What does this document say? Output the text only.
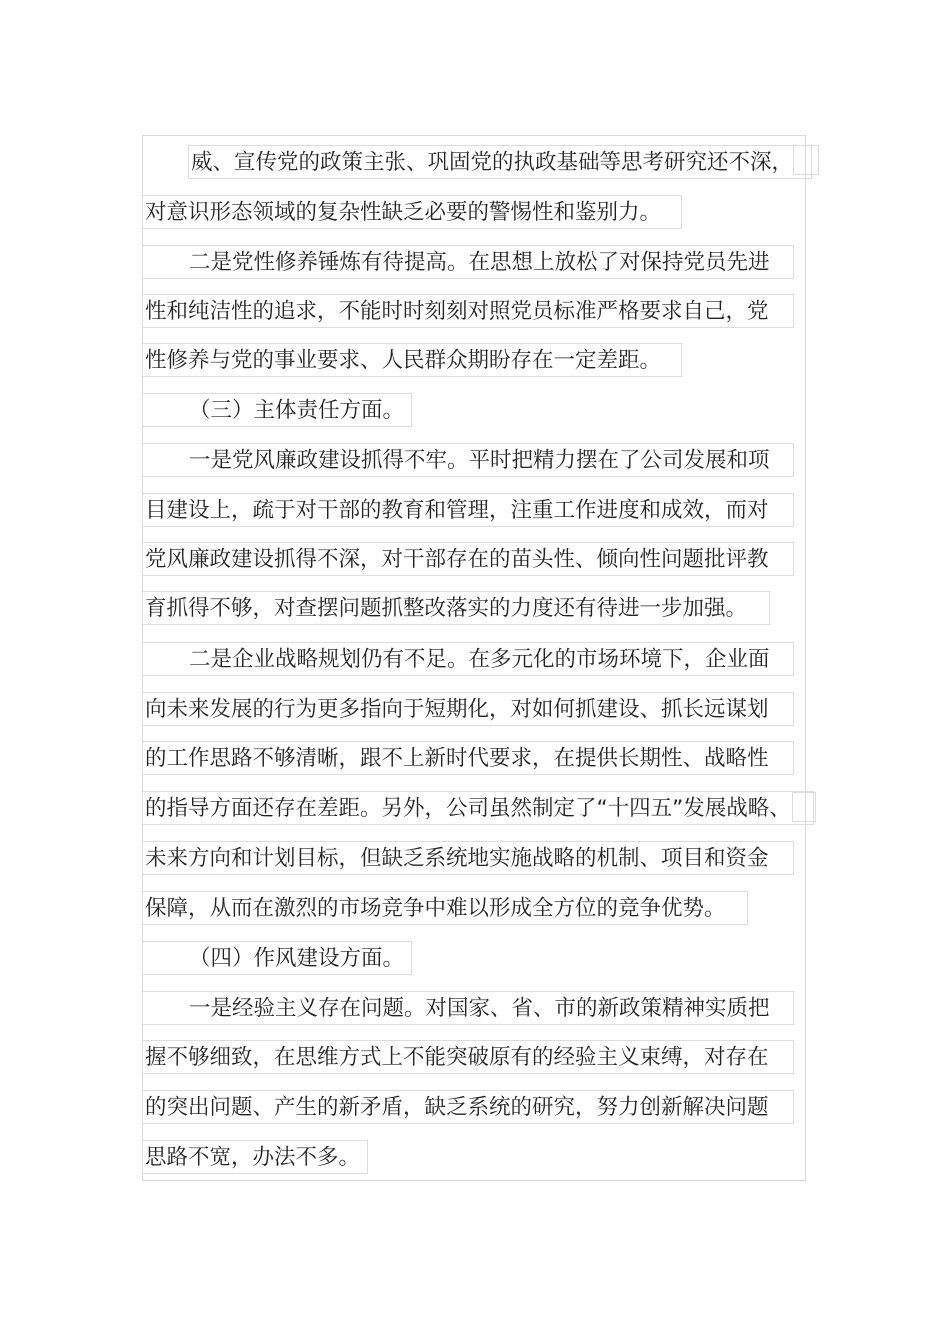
威、宣传党的政策主张、巩固党的执政基础等思考研究还不深，
对意识形态领域的复杂性缺乏必要的警惕性和鉴别力。
二是党性修养锤炼有待提高。在思想上放松了对保持党员先进
性和纯洁性的追求，不能时时刻刻对照党员标准严格要求自己，党
性修养与党的事业要求、人民群众期盼存在一定差距。
（三）主体责任方面。
一是党风廉政建设抓得不牢。平时把精力摆在了公司发展和项
目建设上，疏于对干部的教育和管理，注重工作进度和成效，而对
党风廉政建设抓得不深，对干部存在的苗头性、倾向性问题批评教
育抓得不够，对查摆问题抓整改落实的力度还有待进一步加强。
二是企业战略规划仍有不足。在多元化的市场环境下，企业面
向未来发展的行为更多指向于短期化，对如何抓建设、抓长远谋划
的工作思路不够清晰，跟不上新时代要求，在提供长期性、战略性
的指导方面还存在差距。另外，公司虽然制定了“十四五”发展战略、
未来方向和计划目标，但缺乏系统地实施战略的机制、项目和资金
保障，从而在激烈的市场竞争中难以形成全方位的竞争优势。
（四）作风建设方面。
一是经验主义存在问题。对国家、省、市的新政策精神实质把
握不够细致，在思维方式上不能突破原有的经验主义束缚，对存在
的突出问题、产生的新矛盾，缺乏系统的研究，努力创新解决问题
思路不宽，办法不多。
